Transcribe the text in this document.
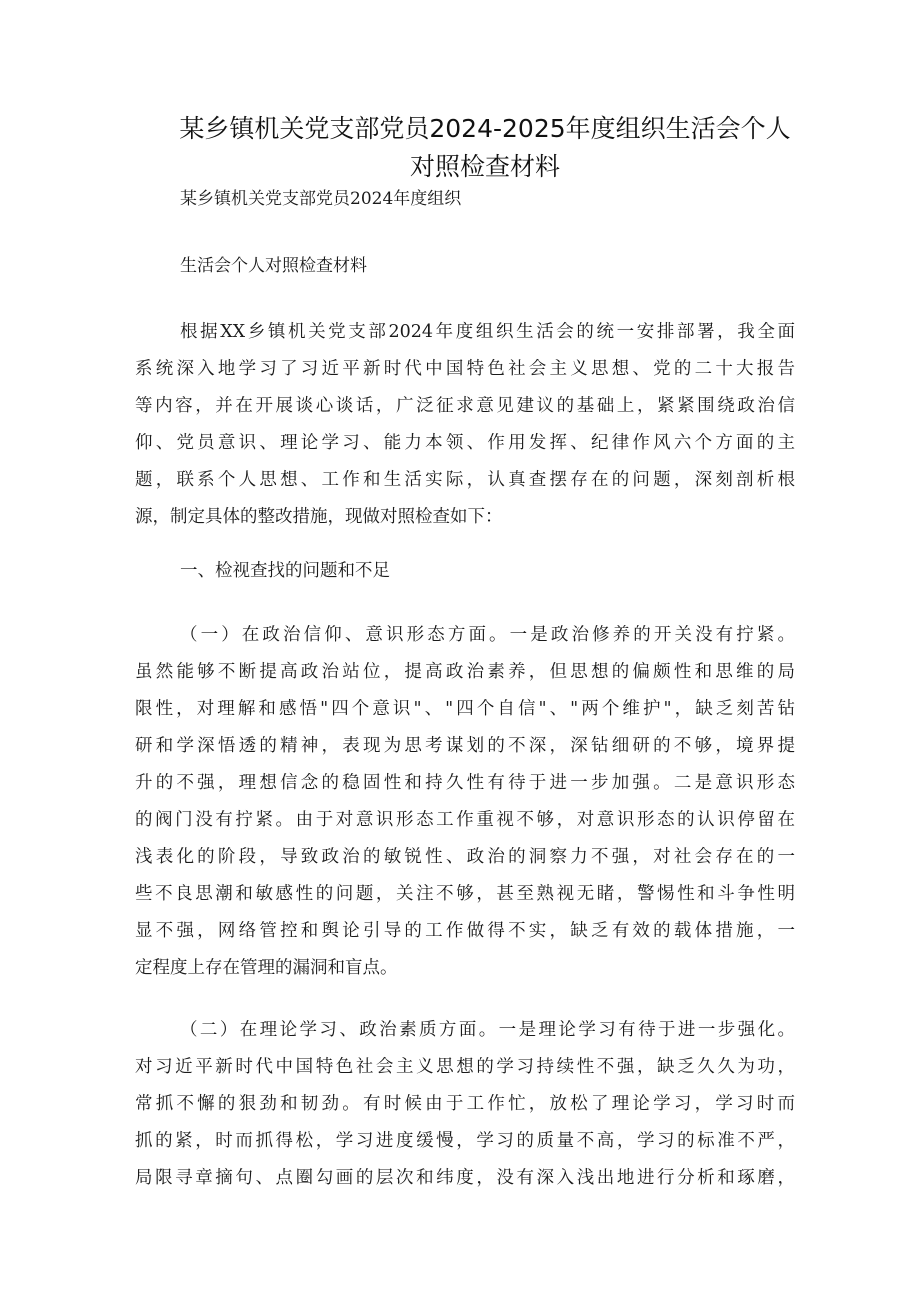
某乡镇机关党支部党员2024-2025年度组织生活会个人
对照检查材料
某乡镇机关党支部党员2024年度组织
生活会个人对照检查材料
根据XX乡镇机关党支部2024年度组织生活会的统一安排部署，我全面
系统深入地学习了习近平新时代中国特色社会主义思想、党的二十大报告
等内容，并在开展谈心谈话，广泛征求意见建议的基础上，紧紧围绕政治信
仰、党员意识、理论学习、能力本领、作用发挥、纪律作风六个方面的主
题，联系个人思想、工作和生活实际，认真查摆存在的问题，深刻剖析根
源，制定具体的整改措施，现做对照检查如下：
一、检视查找的问题和不足
（一）在政治信仰、意识形态方面。一是政治修养的开关没有拧紧。
虽然能够不断提高政治站位，提高政治素养，但思想的偏颇性和思维的局
限性，对理解和感悟"四个意识"、"四个自信"、"两个维护"，缺乏刻苦钻
研和学深悟透的精神，表现为思考谋划的不深，深钻细研的不够，境界提
升的不强，理想信念的稳固性和持久性有待于进一步加强。二是意识形态
的阀门没有拧紧。由于对意识形态工作重视不够，对意识形态的认识停留在
浅表化的阶段，导致政治的敏锐性、政治的洞察力不强，对社会存在的一
些不良思潮和敏感性的问题，关注不够，甚至熟视无睹，警惕性和斗争性明
显不强，网络管控和舆论引导的工作做得不实，缺乏有效的载体措施，一
定程度上存在管理的漏洞和盲点。
（二）在理论学习、政治素质方面。一是理论学习有待于进一步强化。
对习近平新时代中国特色社会主义思想的学习持续性不强，缺乏久久为功，
常抓不懈的狠劲和韧劲。有时候由于工作忙，放松了理论学习，学习时而
抓的紧，时而抓得松，学习进度缓慢，学习的质量不高，学习的标准不严，
局限寻章摘句、点圈勾画的层次和纬度，没有深入浅出地进行分析和琢磨，
